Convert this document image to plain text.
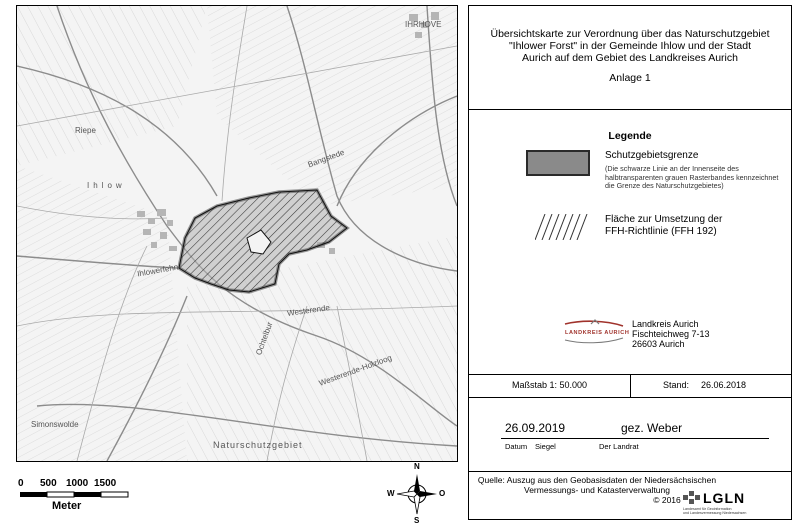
IHRHOVE
Naturschutzgebiet
Westerende
Ochtelbur
Simonswolde
Bangstede
Riepe
Ihlow
Ihlowerfehn
Westerende-Holzloog
0 500 1000 1500
Meter
N
S
W	O
Übersichtskarte zur Verordnung über das Naturschutzgebiet
"Ihlower Forst" in der Gemeinde Ihlow und der Stadt
Aurich auf dem Gebiet des Landkreises Aurich
Anlage 1
Legende
Schutzgebietsgrenze
(Die schwarze Linie an der Innenseite des halbtransparenten grauen Rasterbandes kennzeichnet die Grenze des Naturschutzgebietes)
Fläche zur Umsetzung der
FFH-Richtlinie (FFH 192)
LANDKREIS AURICH
Landkreis Aurich
Fischteichweg 7-13
26603 Aurich
Maßstab 1: 50.000	Stand: 26.06.2018
26.09.2019	gez. Weber
Datum Siegel	Der Landrat
Quelle: Auszug aus den Geobasisdaten der Niedersächsischen
Vermessungs- und Katasterverwaltung
© 2016	LGLN
Landesamt für Geoinformation
und Landesvermessung Niedersachsen
